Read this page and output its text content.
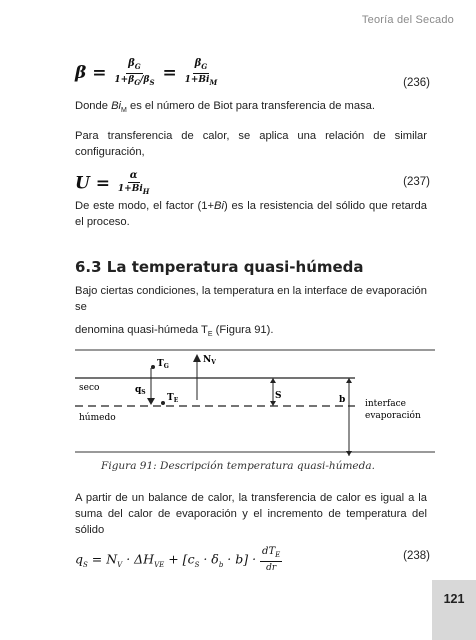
Teoría del Secado
$\beta = \frac{\beta_G}{1+\beta_G/\beta_S} = \frac{\beta_G}{1+Bi_M}$	(236)
Donde $Bi_M$ es el número de Biot para transferencia de masa.
Para transferencia de calor, se aplica una relación de similar configuración,
$U = \frac{\alpha}{1+Bi_H}$	(237)
De este modo, el factor (1+Bi) es la resistencia del sólido que retarda el proceso.
6.3 La temperatura quasi-húmeda
Bajo ciertas condiciones, la temperatura en la interface de evaporación se
denomina quasi-húmeda $T_E$ (Figura 91).
seco
húmedo
$q_S$
$T_G$
$T_E$
$N_V$
S	b interface
evaporación
Figura 91: Descripción temperatura quasi-húmeda.
A partir de un balance de calor, la transferencia de calor es igual a la suma del calor de evaporación y el incremento de temperatura del sólido
$q_S = N_V \cdot \Delta H_{VE} + [c_S \cdot \delta_b \cdot b] \cdot \frac{dT_E}{dr}$	(238)
121
